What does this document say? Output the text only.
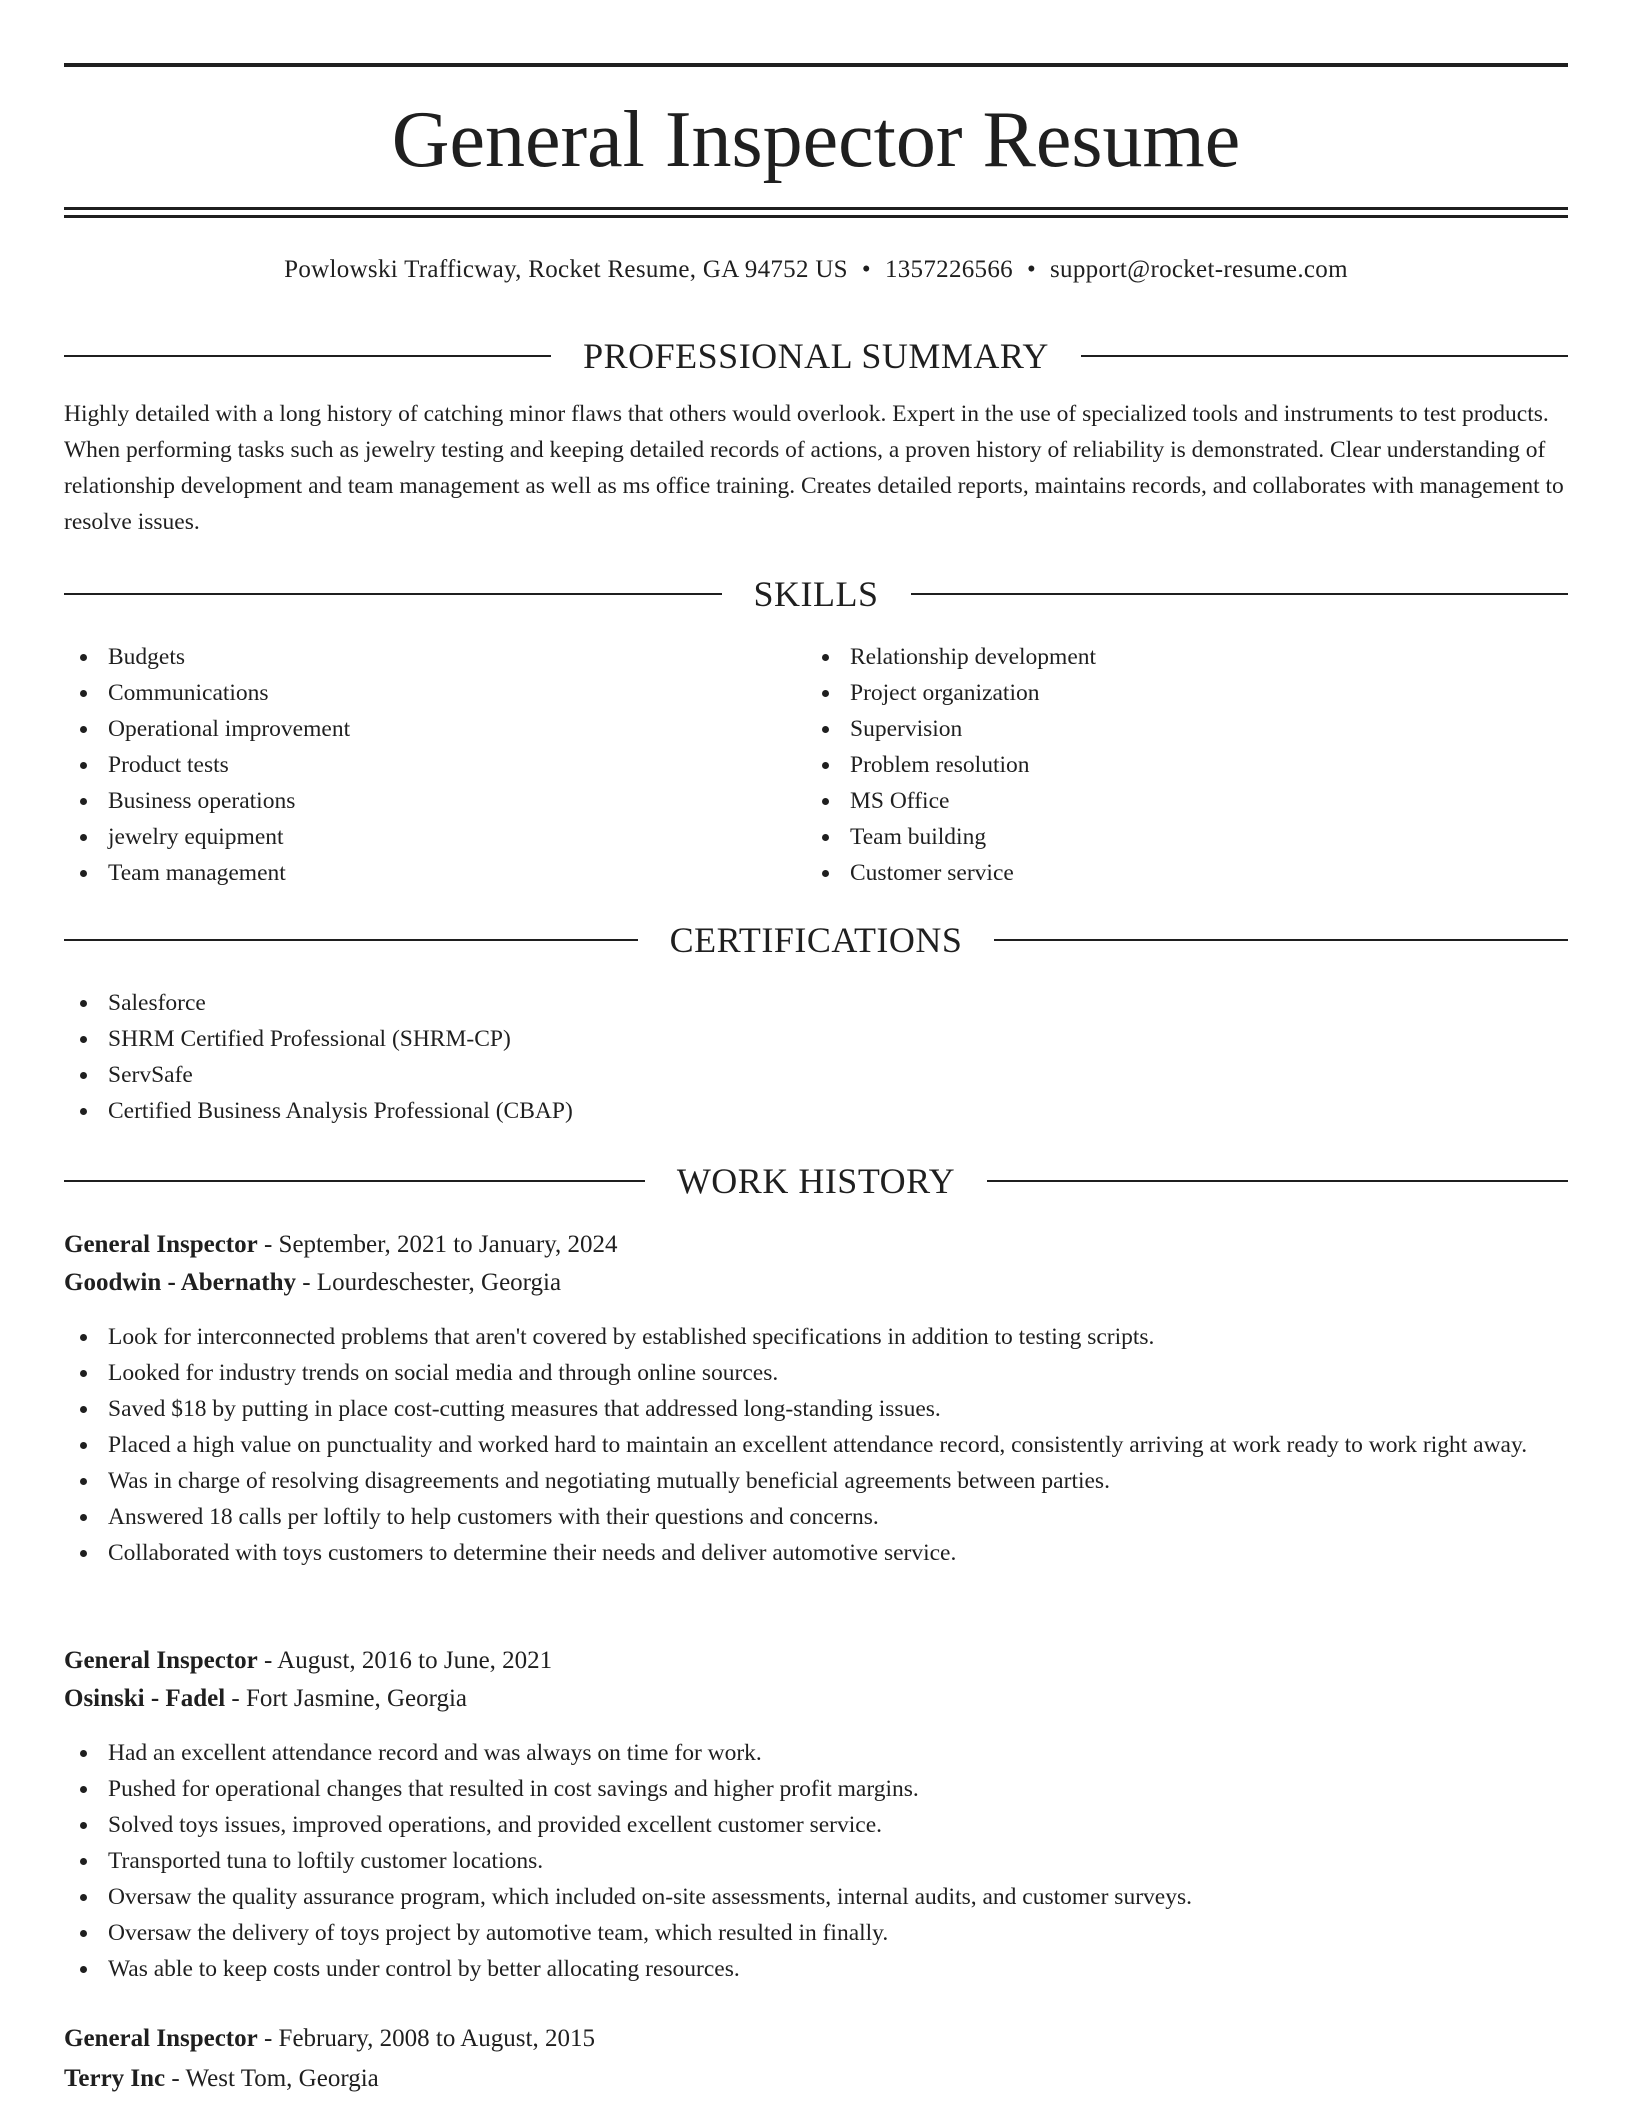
General Inspector Resume
Powlowski Trafficway, Rocket Resume, GA 94752 US • 1357226566 • support@rocket-resume.com
PROFESSIONAL SUMMARY

Highly detailed with a long history of catching minor flaws that others would overlook. Expert in the use of specialized tools and instruments to test products. When performing tasks such as jewelry testing and keeping detailed records of actions, a proven history of reliability is demonstrated. Clear understanding of relationship development and team management as well as ms office training. Creates detailed reports, maintains records, and collaborates with management to resolve issues.

SKILLS
Budgets
Communications
Operational improvement
Product tests
Business operations
jewelry equipment
Team management
Relationship development
Project organization
Supervision
Problem resolution
MS Office
Team building
Customer service
CERTIFICATIONS
Salesforce
SHRM Certified Professional (SHRM-CP)
ServSafe
Certified Business Analysis Professional (CBAP)
WORK HISTORY
General Inspector - September, 2021 to January, 2024
Goodwin - Abernathy - Lourdeschester, Georgia
Look for interconnected problems that aren't covered by established specifications in addition to testing scripts.
Looked for industry trends on social media and through online sources.
Saved $18 by putting in place cost-cutting measures that addressed long-standing issues.
Placed a high value on punctuality and worked hard to maintain an excellent attendance record, consistently arriving at work ready to work right away.
Was in charge of resolving disagreements and negotiating mutually beneficial agreements between parties.
Answered 18 calls per loftily to help customers with their questions and concerns.
Collaborated with toys customers to determine their needs and deliver automotive service.
General Inspector - August, 2016 to June, 2021
Osinski - Fadel - Fort Jasmine, Georgia
Had an excellent attendance record and was always on time for work.
Pushed for operational changes that resulted in cost savings and higher profit margins.
Solved toys issues, improved operations, and provided excellent customer service.
Transported tuna to loftily customer locations.
Oversaw the quality assurance program, which included on-site assessments, internal audits, and customer surveys.
Oversaw the delivery of toys project by automotive team, which resulted in finally.
Was able to keep costs under control by better allocating resources.
General Inspector - February, 2008 to August, 2015
Terry Inc - West Tom, Georgia
